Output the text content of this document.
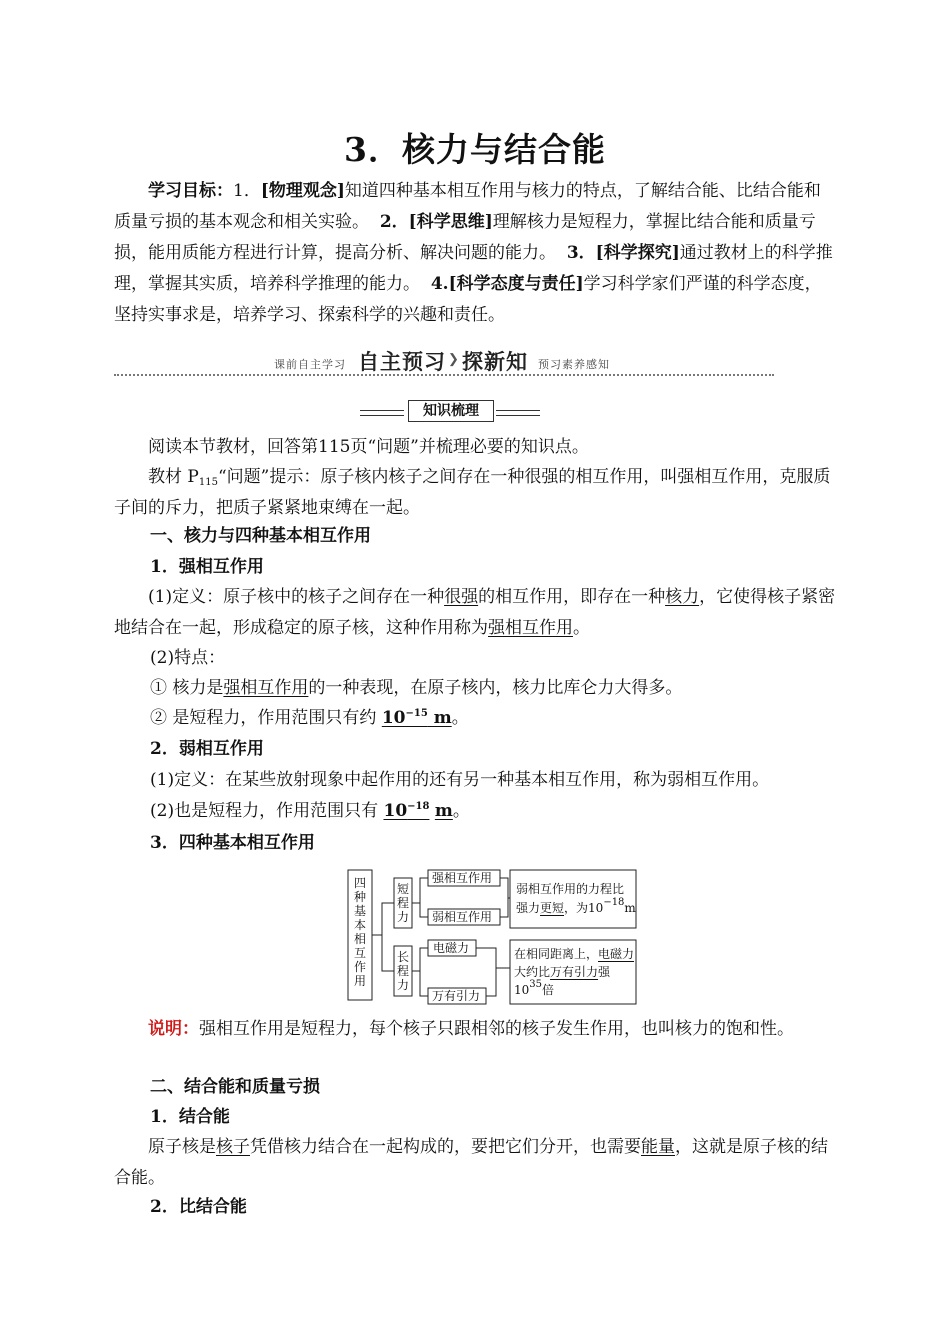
3．核力与结合能
学习目标：1．[物理观念]知道四种基本相互作用与核力的特点，了解结合能、比结合能和质量亏损的基本观念和相关实验。 2．[科学思维]理解核力是短程力，掌握比结合能和质量亏损，能用质能方程进行计算，提高分析、解决问题的能力。 3．[科学探究]通过教材上的科学推理，掌握其实质，培养科学推理的能力。 4.[科学态度与责任]学习科学家们严谨的科学态度，坚持实事求是，培养学习、探索科学的兴趣和责任。
课前自主学习 自主预习 ❯ 探新知 预习素养感知
知识梳理
阅读本节教材，回答第115页“问题”并梳理必要的知识点。
教材 $P_{115}“$问题”提示：原子核内核子之间存在一种很强的相互作用，叫强相互作用，克服质子间的斥力，把质子紧紧地束缚在一起。
一、核力与四种基本相互作用
1．强相互作用
(1)定义：原子核中的核子之间存在一种很强的相互作用，即存在一种核力，它使得核子紧密地结合在一起，形成稳定的原子核，这种作用称为强相互作用。
(2)特点：
① 核力是强相互作用的一种表现，在原子核内，核力比库仑力大得多。
② 是短程力，作用范围只有约 $10^{-15}$ m。
2．弱相互作用
(1)定义：在某些放射现象中起作用的还有另一种基本相互作用，称为弱相互作用。
(2)也是短程力，作用范围只有 $10^{-18}$ m。
3．四种基本相互作用
四种基本相互作用
短程力
长程力
强相互作用
弱相互作用
电磁力
万有引力
弱相互作用的力程比
强力更短，为$10^{-18}m$
在相同距离上，电磁力
大约比万有引力强
$10^{35}$倍
说明：强相互作用是短程力，每个核子只跟相邻的核子发生作用，也叫核力的饱和性。
二、结合能和质量亏损
1．结合能
原子核是核子凭借核力结合在一起构成的，要把它们分开，也需要能量，这就是原子核的结合能。
2．比结合能
